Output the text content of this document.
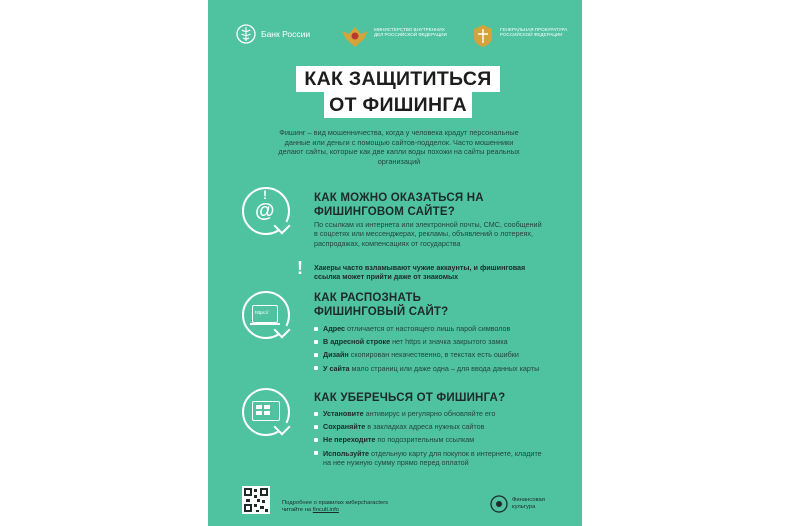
Банк России	МИНИСТЕРСТВО ВНУТРЕННИХ ДЕЛ РОССИЙСКОЙ ФЕДЕРАЦИИ
ГЕНЕРАЛЬНАЯ ПРОКУРАТУРА РОССИЙСКОЙ ФЕДЕРАЦИИ
КАК ЗАЩИТИТЬСЯ
ОТ ФИШИНГА
Фишинг – вид мошенничества, когда у человека крадут персональные данные или деньги с помощью сайтов-подделок. Часто мошенники делают сайты, которые как две капли воды похожи на сайты реальных организаций
@
!	КАК МОЖНО ОКАЗАТЬСЯ НА ФИШИНГОВОМ САЙТЕ?
По ссылкам из интернета или электронной почты, СМС, сообщений в соцсетях или мессенджерах, рекламы, объявлений о лотереях, распродажах, компенсациях от государства
! Хакеры часто взламывают чужие аккаунты, и фишинговая ссылка может прийти даже от знакомых
https://
КАК РАСПОЗНАТЬ ФИШИНГОВЫЙ САЙТ?
Адрес отличается от настоящего лишь парой символов
В адресной строке нет https и значка закрытого замка
Дизайн скопирован некачественно, в текстах есть ошибки
У сайта мало страниц или даже одна – для ввода данных карты
КАК УБЕРЕЧЬСЯ ОТ ФИШИНГА?
Установите антивирус и регулярно обновляйте его
Сохраняйте в закладках адреса нужных сайтов
Не переходите по подозрительным ссылкам
Используйте отдельную карту для покупок в интернете, кладите на нее нужную сумму прямо перед оплатой
Подробнее о правилах киберcharacters читайте на fincult.info
Финансовая культура
